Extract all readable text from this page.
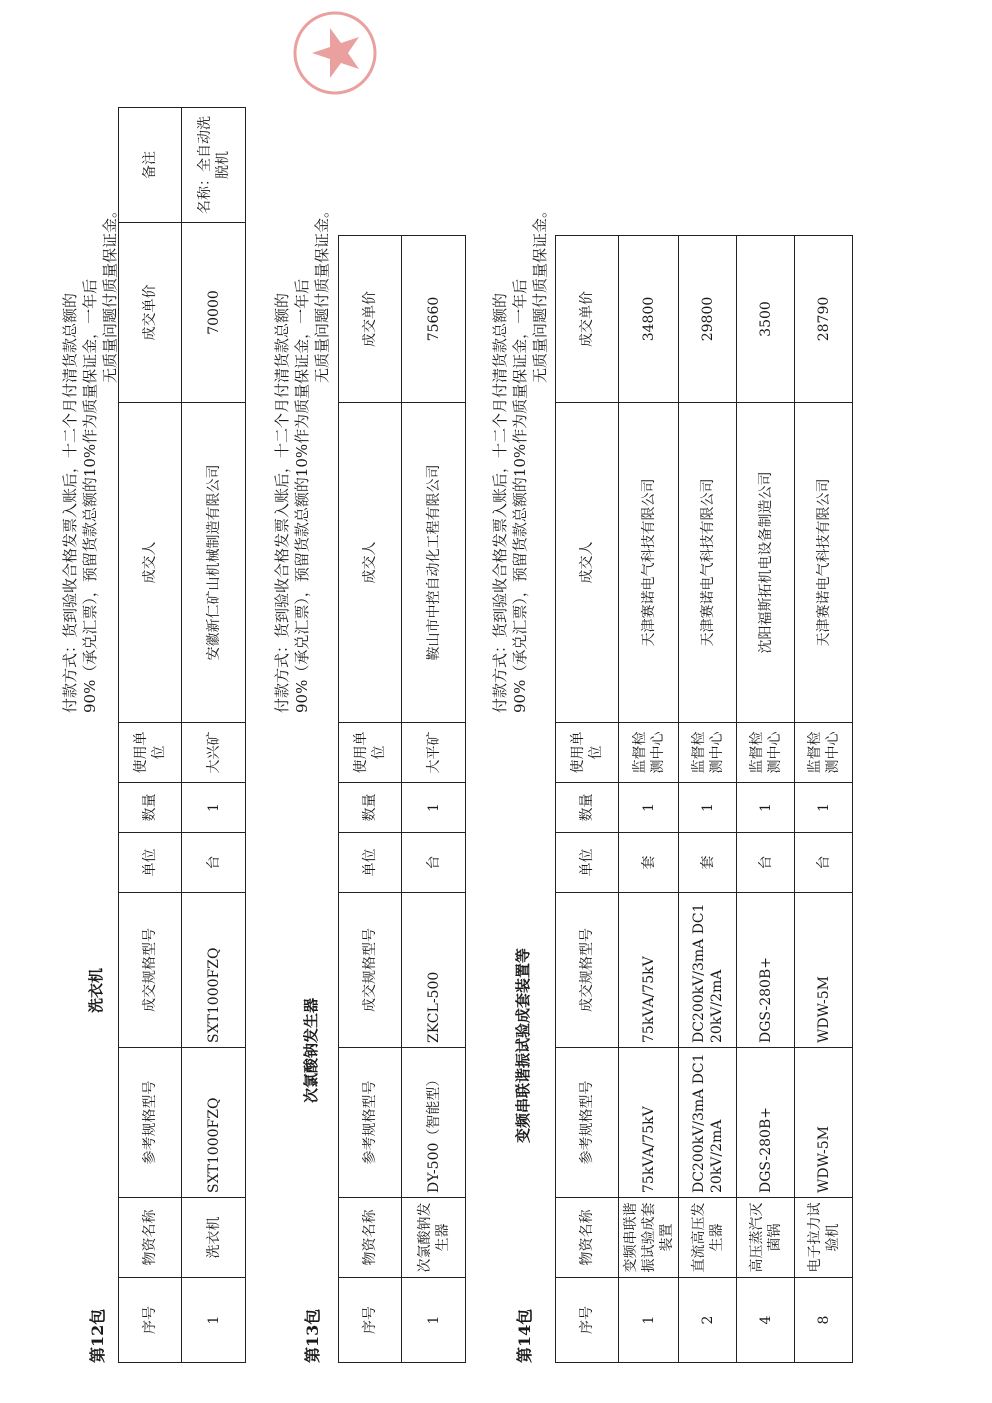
第12包
洗衣机
付款方式：货到验收合格发票入账后，十二个月付清货款总额的 90%（承兑汇票），预留货款总额的10%作为质量保证金，一年后 无质量问题付质量保证金。
序号	物资名称	参考规格型号	成交规格型号	单位	数量	使用单位	成交人	成交单价	备注
1	洗衣机	SXT1000FZQ	SXT1000FZQ	台	1	大兴矿	安徽新仁矿山机械制造有限公司	70000	名称：全自动洗脱机
第13包
次氯酸钠发生器
付款方式：货到验收合格发票入账后，十二个月付清货款总额的 90%（承兑汇票），预留货款总额的10%作为质量保证金，一年后 无质量问题付质量保证金。
序号	物资名称	参考规格型号	成交规格型号	单位	数量	使用单位	成交人	成交单价
1	次氯酸钠发生器	DY-500（智能型）	ZKCL-500	台	1	大平矿	鞍山市中控自动化工程有限公司	75660
第14包
变频串联谐振试验成套装置等
付款方式：货到验收合格发票入账后，十二个月付清货款总额的 90%（承兑汇票），预留货款总额的10%作为质量保证金，一年后 无质量问题付质量保证金。
序号	物资名称	参考规格型号	成交规格型号	单位	数量	使用单位	成交人	成交单价
1	变频串联谐振试验成套装置	75kVA/75kV	75kVA/75kV	套	1	监督检测中心	天津赛诺电气科技有限公司	34800
2	直流高压发生器	DC200kV/3mA DC120kV/2mA	DC200kV/3mA DC120kV/2mA	套	1	监督检测中心	天津赛诺电气科技有限公司	29800
4	高压蒸汽灭菌锅	DGS-280B+	DGS-280B+	台	1	监督检测中心	沈阳福斯拓机电设备制造公司	3500
8	电子拉力试验机	WDW-5M	WDW-5M	台	1	监督检测中心	天津赛诺电气科技有限公司	28790
